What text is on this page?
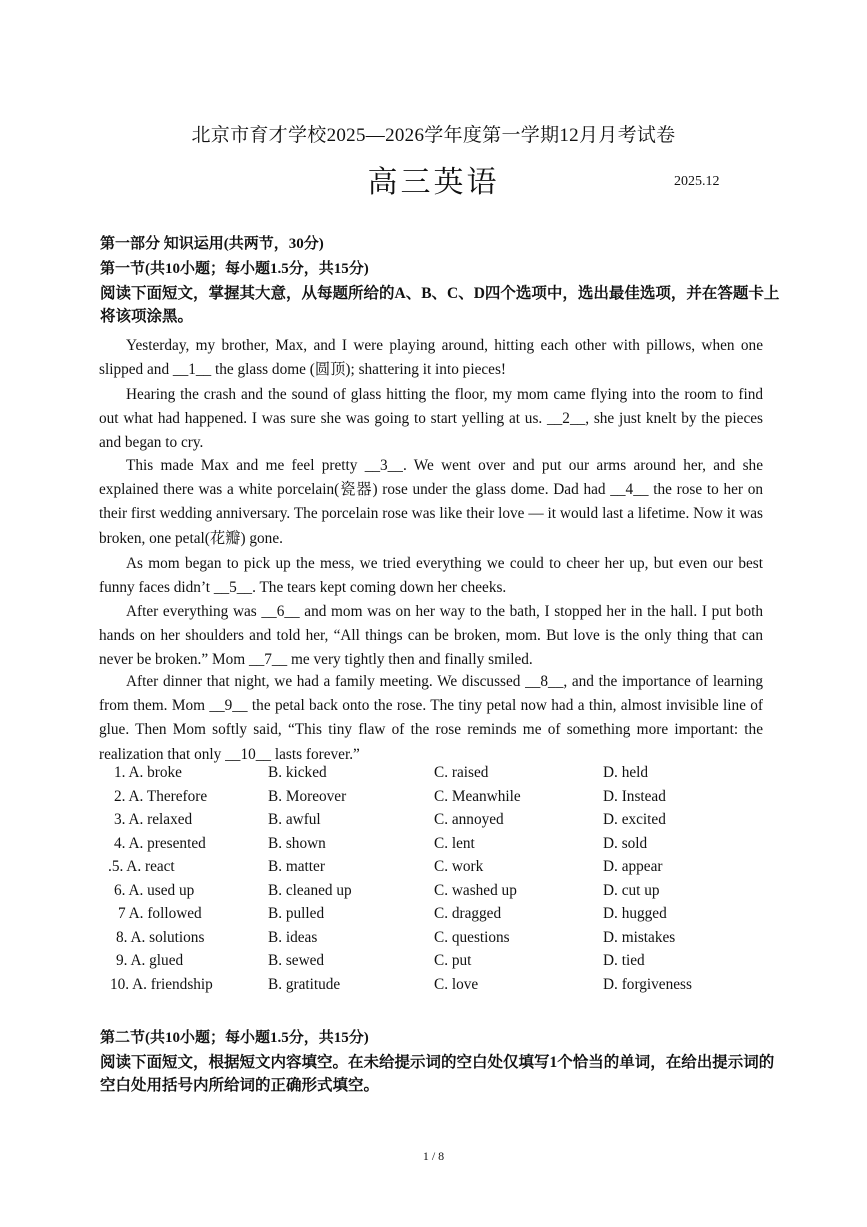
北京市育才学校2025—2026学年度第一学期12月月考试卷
高三英语	2025.12
第一部分 知识运用(共两节，30分)
第一节(共10小题；每小题1.5分，共15分)
阅读下面短文，掌握其大意，从每题所给的A、B、C、D四个选项中，选出最佳选项，并在答题卡上将该项涂黑。
Yesterday, my brother, Max, and I were playing around, hitting each other with pillows, when one slipped and __1__ the glass dome (圆顶); shattering it into pieces!
Hearing the crash and the sound of glass hitting the floor, my mom came flying into the room to find out what had happened. I was sure she was going to start yelling at us. __2__, she just knelt by the pieces and began to cry.
This made Max and me feel pretty __3__. We went over and put our arms around her, and she explained there was a white porcelain(瓷器) rose under the glass dome. Dad had __4__ the rose to her on their first wedding anniversary. The porcelain rose was like their love — it would last a lifetime. Now it was broken, one petal(花瓣) gone.
As mom began to pick up the mess, we tried everything we could to cheer her up, but even our best funny faces didn’t __5__. The tears kept coming down her cheeks.
After everything was __6__ and mom was on her way to the bath, I stopped her in the hall. I put both hands on her shoulders and told her, “All things can be broken, mom. But love is the only thing that can never be broken.” Mom __7__ me very tightly then and finally smiled.
After dinner that night, we had a family meeting. We discussed __8__, and the importance of learning from them. Mom __9__ the petal back onto the rose. The tiny petal now had a thin, almost invisible line of glue. Then Mom softly said, “This tiny flaw of the rose reminds me of something more important: the realization that only __10__ lasts forever.”
1. A. broke	B. kicked	C. raised	D. held
2. A. Therefore	B. Moreover	C. Meanwhile	D. Instead
3. A. relaxed	B. awful	C. annoyed	D. excited
4. A. presented	B. shown	C. lent	D. sold
.5. A. react	B. matter	C. work	D. appear
6. A. used up	B. cleaned up	C. washed up	D. cut up
7 A. followed	B. pulled	C. dragged	D. hugged
8. A. solutions	B. ideas	C. questions	D. mistakes
9. A. glued	B. sewed	C. put	D. tied
10. A. friendship	B. gratitude	C. love	D. forgiveness
第二节(共10小题；每小题1.5分，共15分)
阅读下面短文，根据短文内容填空。在未给提示词的空白处仅填写1个恰当的单词，在给出提示词的空白处用括号内所给词的正确形式填空。
1 / 8
